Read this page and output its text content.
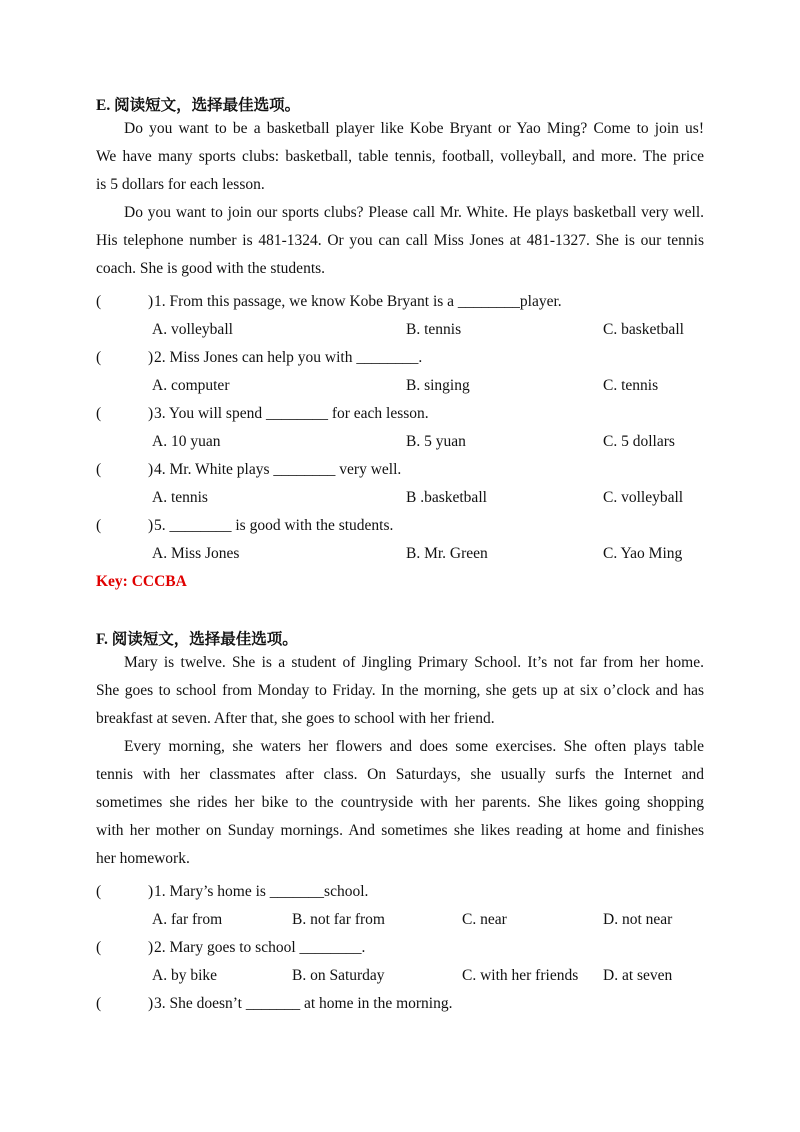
E. 阅读短文，选择最佳选项。
Do you want to be a basketball player like Kobe Bryant or Yao Ming? Come to join us!
We have many sports clubs: basketball, table tennis, football, volleyball, and more. The price
is 5 dollars for each lesson.
Do you want to join our sports clubs? Please call Mr. White. He plays basketball very well.
His telephone number is 481-1324. Or you can call Miss Jones at 481-1327. She is our tennis
coach. She is good with the students.
(	) 1. From this passage, we know Kobe Bryant is a ________player.
A. volleyball	B. tennis	C. basketball
(	) 2. Miss Jones can help you with ________.
A. computer	B. singing	C. tennis
(	) 3. You will spend ________ for each lesson.
A. 10 yuan	B. 5 yuan	C. 5 dollars
(	) 4. Mr. White plays ________ very well.
A. tennis	B .basketball	C. volleyball
(	) 5. ________ is good with the students.
A. Miss Jones	B. Mr. Green	C. Yao Ming
Key: CCCBA
F. 阅读短文，选择最佳选项。
Mary is twelve. She is a student of Jingling Primary School. It’s not far from her home.
She goes to school from Monday to Friday. In the morning, she gets up at six o’clock and has
breakfast at seven. After that, she goes to school with her friend.
Every morning, she waters her flowers and does some exercises. She often plays table
tennis with her classmates after class. On Saturdays, she usually surfs the Internet and
sometimes she rides her bike to the countryside with her parents. She likes going shopping
with her mother on Sunday mornings. And sometimes she likes reading at home and finishes
her homework.
(	) 1. Mary’s home is _______school.
A. far from	B. not far from	C. near	D. not near
(	) 2. Mary goes to school ________.
A. by bike	B. on Saturday	C. with her friends D. at seven
(	) 3. She doesn’t _______ at home in the morning.
